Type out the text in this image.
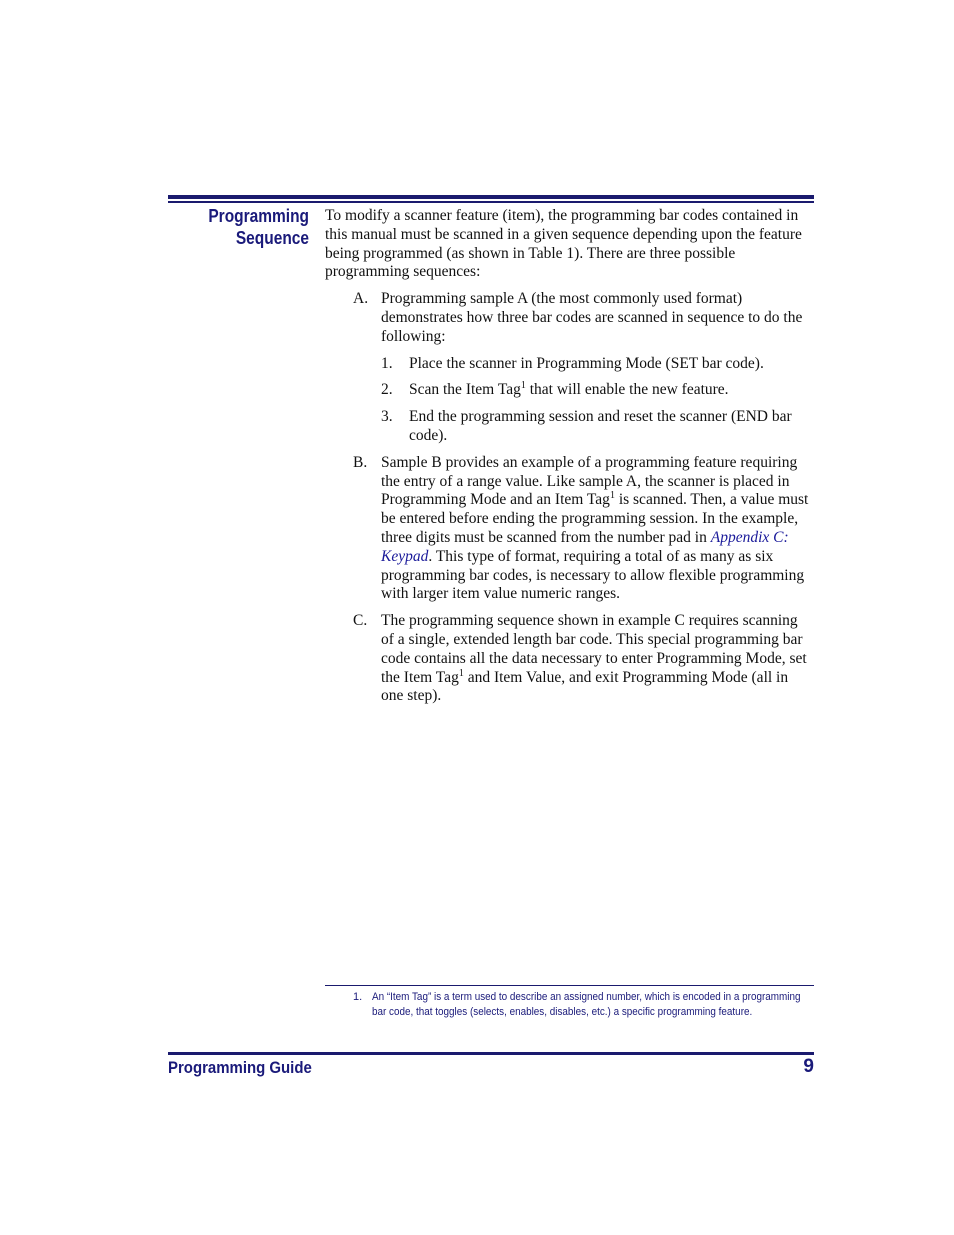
Programming
Sequence

To modify a scanner feature (item), the programming bar codes contained in this manual must be scanned in a given sequence depending upon the feature being programmed (as shown in Table 1). There are three possible programming sequences:

A. Programming sample A (the most commonly used format) demonstrates how three bar codes are scanned in sequence to do the following:
1. Place the scanner in Programming Mode (SET bar code).
2. Scan the Item Tag$^1$ that will enable the new feature.
3. End the programming session and reset the scanner (END bar code).
B. Sample B provides an example of a programming feature requiring the entry of a range value. Like sample A, the scanner is placed in Programming Mode and an Item Tag$^1$ is scanned. Then, a value must be entered before ending the programming session. In the example, three digits must be scanned from the number pad in Appendix C: Keypad. This type of format, requiring a total of as many as six programming bar codes, is necessary to allow flexible programming with larger item value numeric ranges.
C. The programming sequence shown in example C requires scanning of a single, extended length bar code. This special programming bar code contains all the data necessary to enter Programming Mode, set the Item Tag$^1$ and Item Value, and exit Programming Mode (all in one step).
1. An “Item Tag” is a term used to describe an assigned number, which is encoded in a programming bar code, that toggles (selects, enables, disables, etc.) a specific programming feature.
Programming Guide	9
